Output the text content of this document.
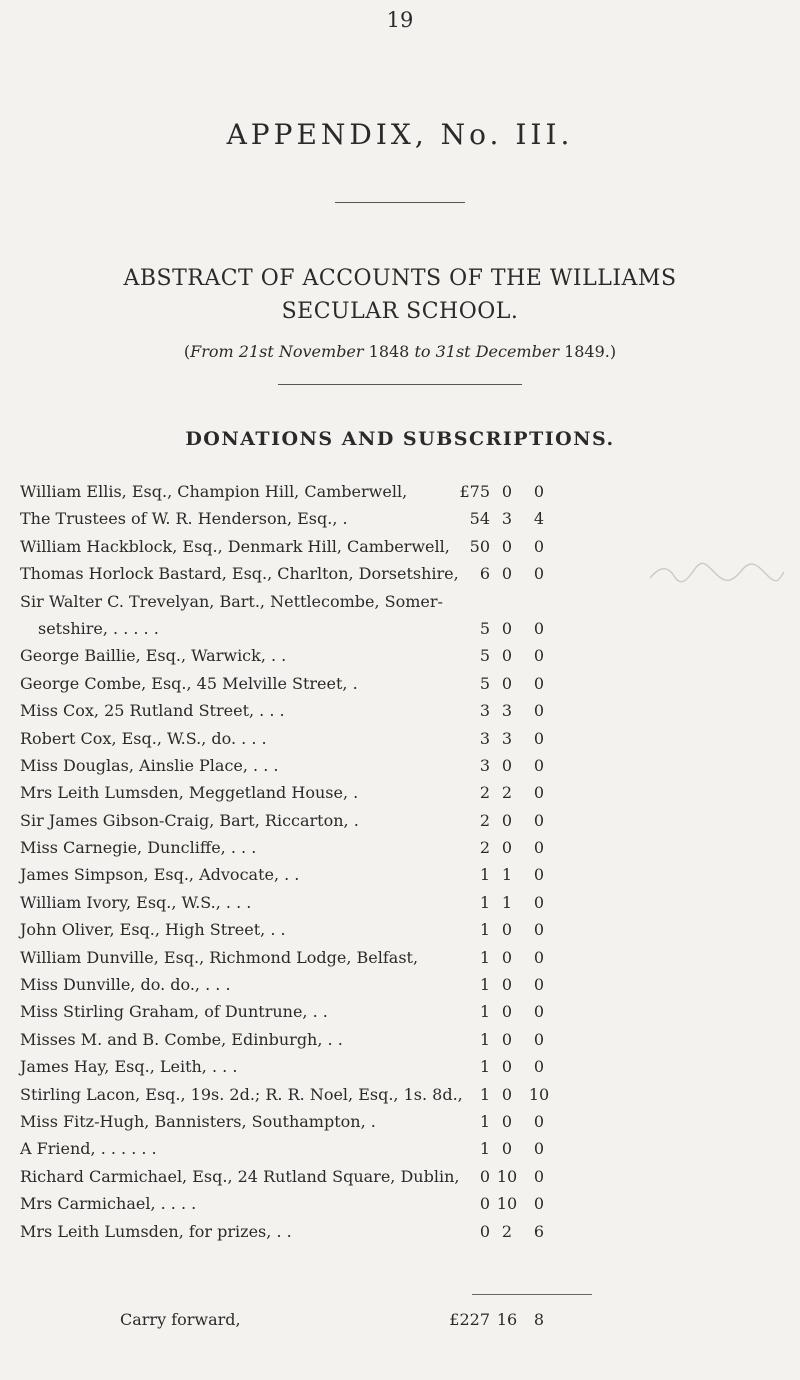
19
APPENDIX, No. III.
ABSTRACT OF ACCOUNTS OF THE WILLIAMS
SECULAR SCHOOL.
(From 21st November 1848 to 31st December 1849.)
DONATIONS AND SUBSCRIPTIONS.
William Ellis, Esq., Champion Hill, Camberwell,	£75 0	0
The Trustees of W. R. Henderson, Esq., .	54 3	4
William Hackblock, Esq., Denmark Hill, Camberwell, 50 0	0
Thomas Horlock Bastard, Esq., Charlton, Dorsetshire, 6 0	0
Sir Walter C. Trevelyan, Bart., Nettlecombe, Somer-
setshire, . . . . .	5 0	0
George Baillie, Esq., Warwick, . .	5 0	0
George Combe, Esq., 45 Melville Street, .	5 0	0
Miss Cox, 25 Rutland Street, . . .	3 3	0
Robert Cox, Esq., W.S., do. . . .	3 3	0
Miss Douglas, Ainslie Place, . . .	3 0	0
Mrs Leith Lumsden, Meggetland House, .	2 2	0
Sir James Gibson-Craig, Bart, Riccarton, .	2 0	0
Miss Carnegie, Duncliffe, . . .	2 0	0
James Simpson, Esq., Advocate, . .	1 1	0
William Ivory, Esq., W.S., . . .	1 1	0
John Oliver, Esq., High Street, . .	1 0	0
William Dunville, Esq., Richmond Lodge, Belfast,	1 0	0
Miss Dunville, do. do., . . .	1 0	0
Miss Stirling Graham, of Duntrune, . .	1 0	0
Misses M. and B. Combe, Edinburgh, . .	1 0	0
James Hay, Esq., Leith, . . .	1 0	0
Stirling Lacon, Esq., 19s. 2d.; R. R. Noel, Esq., 1s. 8d., 1 0	10
Miss Fitz-Hugh, Bannisters, Southampton, .	1 0	0
A Friend, . . . . . .	1 0	0
Richard Carmichael, Esq., 24 Rutland Square, Dublin, 0 10	0
Mrs Carmichael, . . . .	0 10	0
Mrs Leith Lumsden, for prizes, . .	0 2	6
Carry forward,	£227 16	8
